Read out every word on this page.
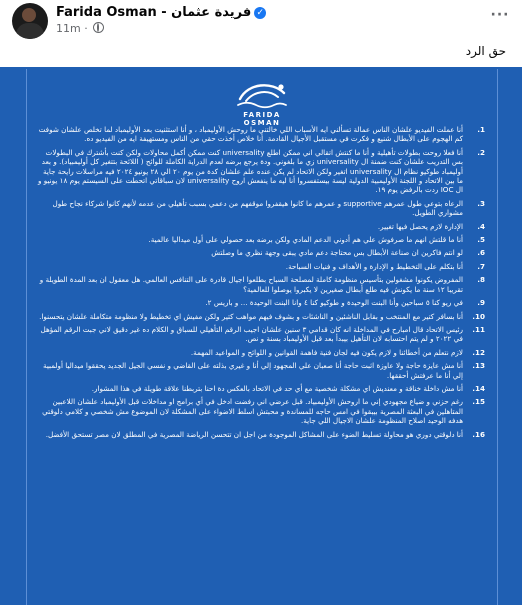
Farida Osman - فريدة عثمان ✓
11m ·
···
حق الرد
FARIDA OSMAN
1.
أنا عملت الفيديو علشان الناس عمالة تسألني ايه الأسباب اللي خالتني ما روحش الأوليمباد ، و أنا استثنيت بعد الأوليمباد لما تخلص علشان شوفت كم الهجوم على الأبطال شنيع و فكرت في مستقبل الأجيال القادمة. أنا خلاص أخذت حقي من الناس ومستهيفة ايه من الفيديو ده.
2.
أنا فعلا روحت بطولات تأهيلية و أنا ما كنتش اتقالي اني ممكن اطلع universality كنت ممكن أكمل محاولات ولكن كنت بأشترك في البطولات بس التدريب علشان كنت ضمنة ال universality زي ما بلغوني. ودة يرجع برضه لعدم الدراية الكاملة للوائح ( اللائحة بتتغير كل أوليمبياد). و بعد أوليمباد طوكيو نظام ال universality اتغير ولكن الاتحاد لم يكن عنده علم علشان كدة من يوم ٢٠ الي ٢٨ يونيو ٢٠٢٤ فيه مراسلات رايحة جاية ما بين الاتحاد و اللجنة الأوليمبية الدولية ليسة بيستفسروا أنا ليه ما ينفعش اروح universality لان سباقاتي اتحطت على السيستم يوم ١٨ يونيو و ال IOC ردت بالرفض يوم ١٩.
3.
الرعاه بتوعي طول عمرهم supportive و عمرهم ما كانوا هيقفروا موقفهم من دعمي بسبب تأهيلي من عدمه لأنهم كانوا شركاء نجاح طول مشواري الطويل.
4.
الإدارة لازم يحصل فيها تغيير.
5.
أنا ما قلتش انهم ما صرفوش علي هم أدوني الدعم المادي ولكن برضه بعد حصولي على أول ميداليا عالمية.
6.
لو انتم فاكرين ان صناعة الأبطال بس محتاجة دعم مادي يبقى وجهة نظري ما وصلتش
7.
أنا بتكلم على التخطيط و الإدارة و الأهداف و فنيات السباحة.
8.
المفروض يكونوا مشغولين بتأسيس منظومة كاملة لمصلحة السباح بطلعوا اجيال قادرة على التنافس العالمي. هل معقول ان بعد المدة الطويلة و تقريبا ١٢ سنة ما يكونش فيه طلع أبطال صغيرين لا يكبروا يوصلوا للعالمية؟
9.
في ريو كنا ٥ سباحين وأنا البنت الوحيدة و طوكيو كنا ٤ وانا البنت الوحيدة ... و باريس ٢.
10.
أنا بسافر كتير مع المنتخب و بقابل الناشئين و الناشئات و بشوف فيهم مواهب كتير ولكن مفيش اي تخطيط ولا منظومة متكاملة علشان يتحسنوا.
11.
رئيس الاتحاد قال امبارح في المداخلة انه كان قدامي ٣ سنين علشان اجيب الرقم التأهيلي للسباق و الكلام ده غير دقيق لاني جبت الرقم المؤهل في ٢٠٢٢ و لم يتم احتسابه لان التأهيل بيبدأ بعد قبل الأوليمباد بسنة و نص.
12.
لازم نتعلم من أخطائنا و لازم يكون فيه لجان فنية فاهمة القوانين و اللوائح و المواعيد المهمة.
13.
أنا مش عايزة حاجة ولا عاوزة اثبت حاجة أنا صعبان علي المجهود إلي أنا و غيري بذلته على القاضي و نفسي الجيل الجديد يحققوا ميداليا أولمبية إلي أنا ما عرفتش أحققها.
14.
أنا مش داخلة خناقة و معنديش اي مشكلة شخصية مع أي حد في الاتحاد بالعكس دة احنا بتربطنا علاقة طويلة في هذا المشوار.
15.
رغم حزني و ضياع مجهودي إني ما اروحش الأوليمبياد. قبل عرضي اني رفضت ادخل في أي برامج او مداخلات قبل الأوليمباد علشان اللاعبين المتاهلين في البعثة المصرية بيبقوا في امس حاجه للمساندة و محبتش اسلط الاضواء على المشكلة لان الموضوع مش شخصي و كلامي دلوقتي هدفه الوحيد اصلاح المنظومة علشان الاجيال اللي جاية.
16.
أنا دلوقتي دوري هو محاولة تسليط الضوء على المشاكل الموجودة من اجل ان تتحسن الرياضة المصرية في المطلق لان مصر تستحق الأفضل.
